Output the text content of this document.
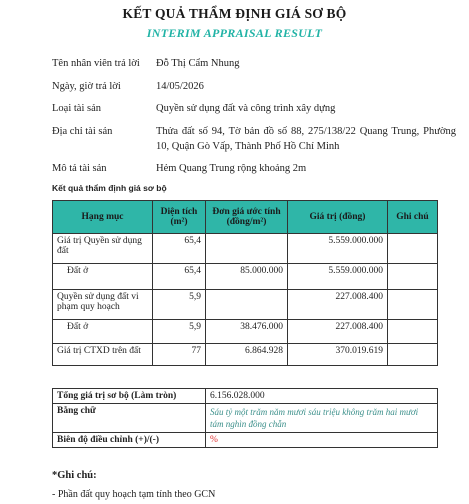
KẾT QUẢ THẨM ĐỊNH GIÁ SƠ BỘ
INTERIM APPRAISAL RESULT
Tên nhân viên trả lời	Đỗ Thị Cẩm Nhung
Ngày, giờ trả lời	14/05/2026
Loại tài sản	Quyền sử dụng đất và công trình xây dựng
Địa chỉ tài sản	Thửa đất số 94, Tờ bản đồ số 88, 275/138/22 Quang Trung, Phường 10, Quận Gò Vấp, Thành Phố Hồ Chí Minh
Mô tả tài sản	Hẻm Quang Trung rộng khoảng 2m
Kết quả thẩm định giá sơ bộ
Hạng mục	Diện tích (m²)	Đơn giá ước tính (đồng/m²)	Giá trị (đồng)	Ghi chú
Giá trị Quyền sử dụng đất	65,4		5.559.000.000	
Đất ở	65,4	85.000.000	5.559.000.000	
Quyền sử dụng đất vi phạm quy hoạch	5,9		227.008.400	
Đất ở	5,9	38.476.000	227.008.400	
Giá trị CTXD trên đất	77	6.864.928	370.019.619	
Tổng giá trị sơ bộ (Làm tròn)	6.156.028.000
Bằng chữ	Sáu tỷ một trăm năm mươi sáu triệu không trăm hai mươi tám nghìn đồng chẵn
Biên độ điều chỉnh (+)/(-)	%
*Ghi chú:
- Phần đất quy hoạch tạm tính theo GCN
